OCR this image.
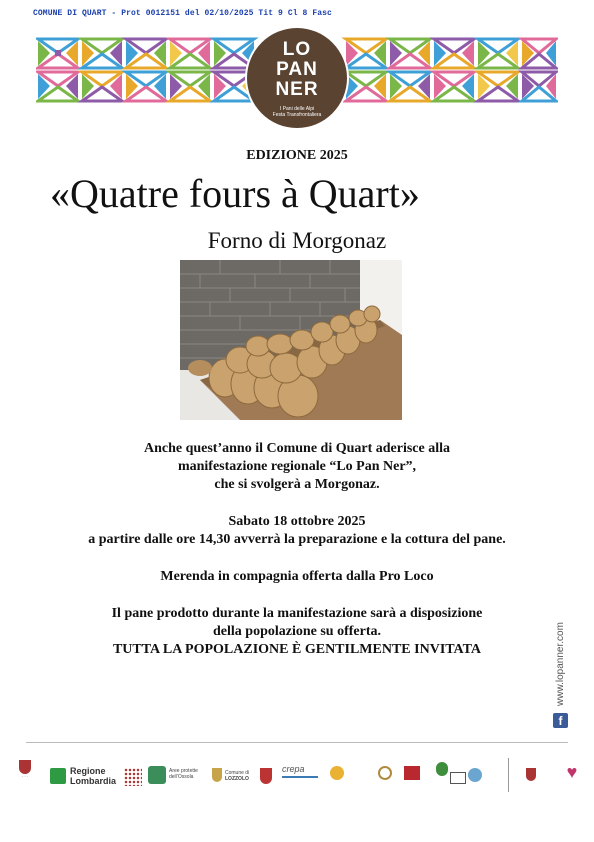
COMUNE DI QUART - Prot 0012151 del 02/10/2025 Tit 9 Cl 8 Fasc
LO
PAN
NER
I Pani delle Alpi
Festa Transfrontaliera
EDIZIONE 2025
«Quatre fours à Quart»
Forno di Morgonaz
Anche quest’anno il Comune di Quart aderisce alla
manifestazione regionale “Lo Pan Ner”,
che si svolgerà a Morgonaz.
Sabato 18 ottobre 2025
a partire dalle ore 14,30 avverrà la preparazione e la cottura del pane.
Merenda in compagnia offerta dalla Pro Loco
Il pane prodotto durante la manifestazione sarà a disposizione
della popolazione su offerta.
TUTTA LA POPOLAZIONE È GENTILMENTE INVITATA	www.lopanner.com
f
· · ·
Regione
Lombardia
Aree protette dell’Ossola
Comune di
LOZZOLO
crepa	♥
